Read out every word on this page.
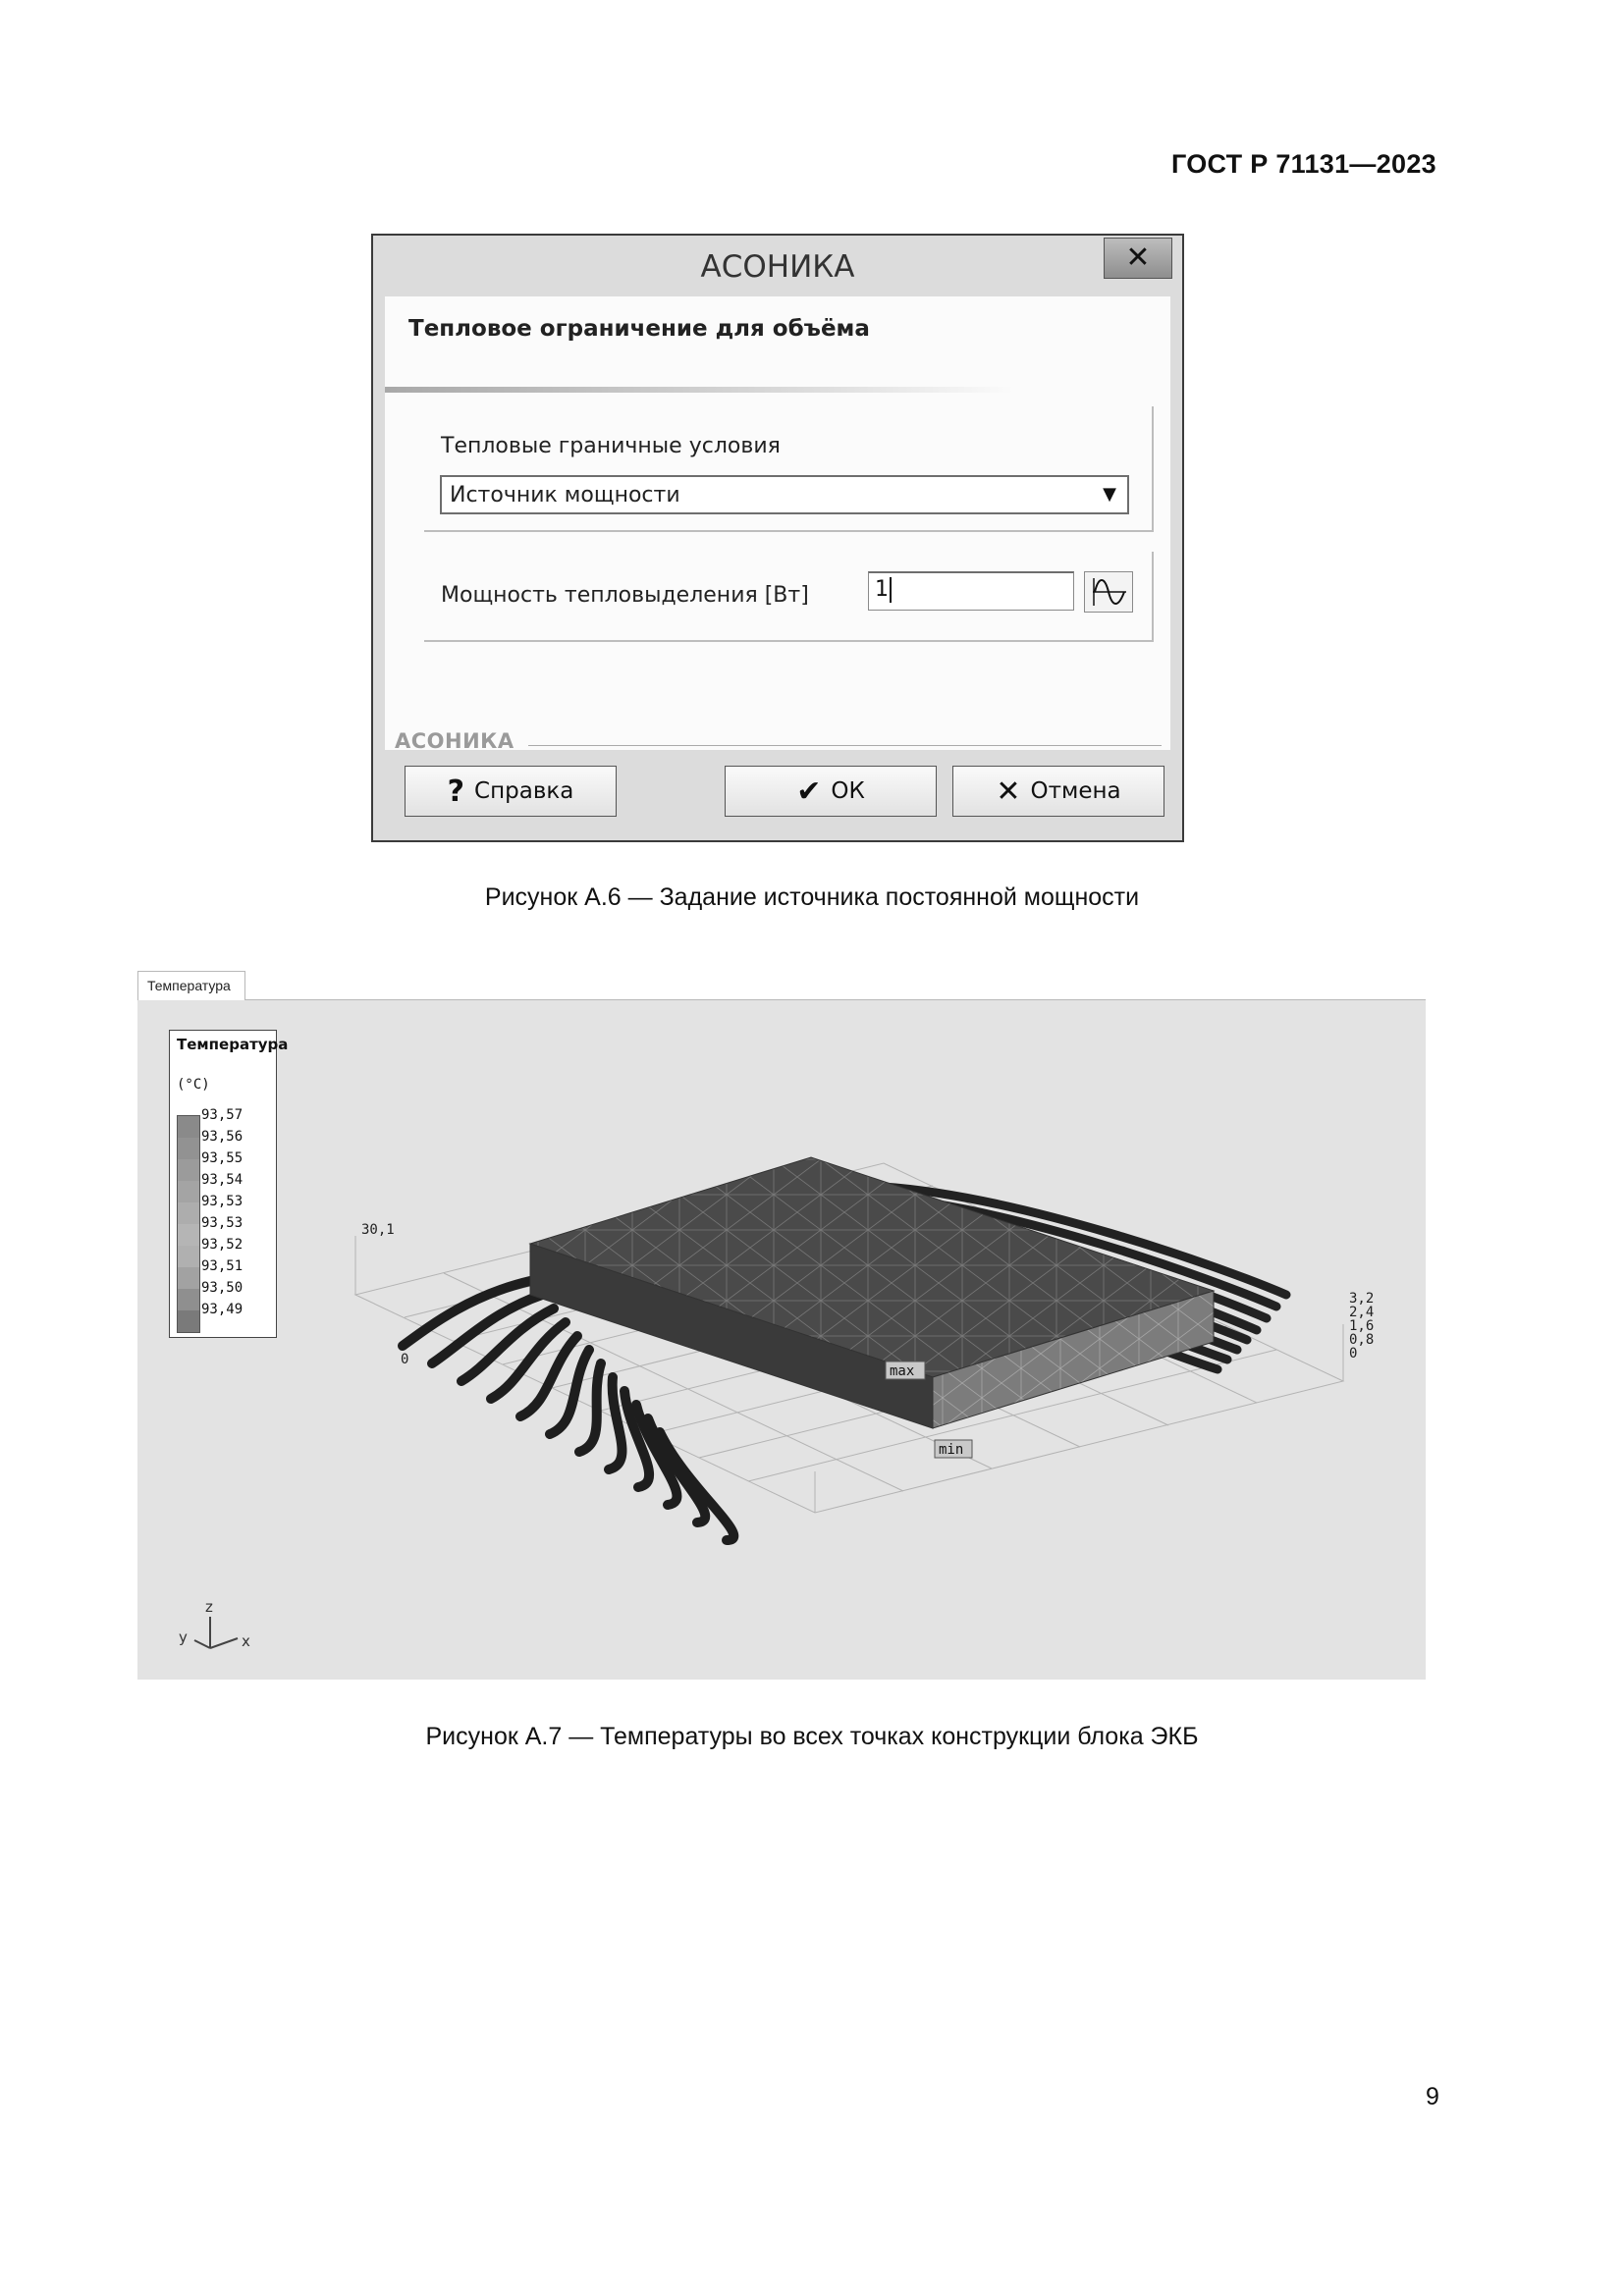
ГОСТ Р 71131—2023
АСОНИКА	✕
Тепловое ограничение для объёма
Тепловые граничные условия
Источник мощности	▼
Мощность тепловыделения [Вт]	1
АСОНИКА
? Справка	✔ ОК	✕ Отмена
Рисунок А.6 — Задание источника постоянной мощности
Температура
30,1
0
3,2
2,4
1,6
0,8
0
max
min
z
y	x
Температура
(°С)
93,57
93,56
93,55
93,54
93,53
93,53
93,52
93,51
93,50
93,49
Рисунок А.7 — Температуры во всех точках конструкции блока ЭКБ
9
